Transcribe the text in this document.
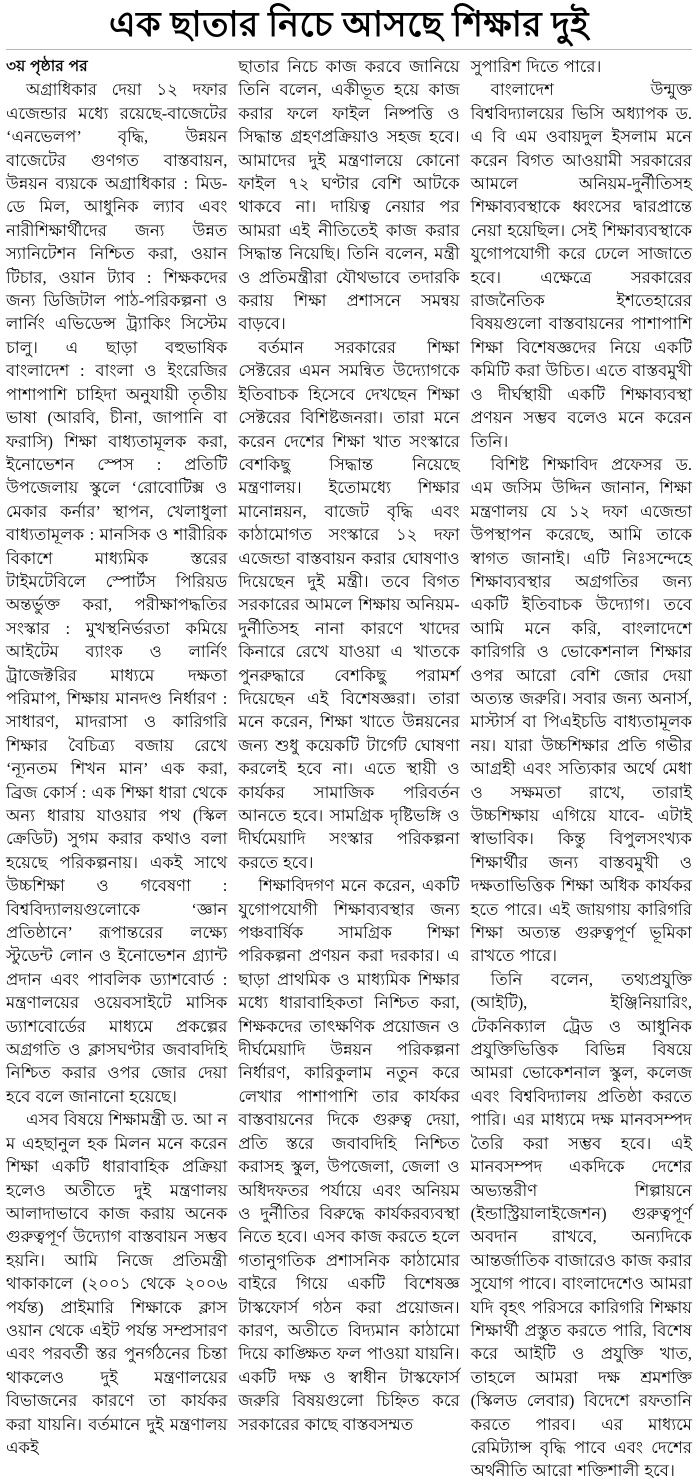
এক ছাতার নিচে আসছে শিক্ষার দুই

৩য় পৃষ্ঠার পর

অগ্রাধিকার দেয়া ১২ দফার এজেন্ডার মধ্যে রয়েছে-বাজেটের ‘এনভেলপ’ বৃদ্ধি, উন্নয়ন বাজেটের গুণগত বাস্তবায়ন, উন্নয়ন ব্যয়কে অগ্রাধিকার : মিড-ডে মিল, আধুনিক ল্যাব এবং নারীশিক্ষার্থীদের জন্য উন্নত স্যানিটেশন নিশ্চিত করা, ওয়ান টিচার, ওয়ান ট্যাব : শিক্ষকদের জন্য ডিজিটাল পাঠ-পরিকল্পনা ও লার্নিং এভিডেন্স ট্র্যাকিং সিস্টেম চালু। এ ছাড়া বহুভাষিক বাংলাদেশ : বাংলা ও ইংরেজির পাশাপাশি চাহিদা অনুযায়ী তৃতীয় ভাষা (আরবি, চীনা, জাপানি বা ফরাসি) শিক্ষা বাধ্যতামূলক করা, ইনোভেশন স্পেস : প্রতিটি উপজেলায় স্কুলে ‘রোবোটিক্স ও মেকার কর্নার’ স্থাপন, খেলাধুলা বাধ্যতামূলক : মানসিক ও শারীরিক বিকাশে মাধ্যমিক স্তরের টাইমটেবিলে স্পোর্টস পিরিয়ড অন্তর্ভুক্ত করা, পরীক্ষাপদ্ধতির সংস্কার : মুখস্থনির্ভরতা কমিয়ে আইটেম ব্যাংক ও লার্নিং ট্রাজেক্টরির মাধ্যমে দক্ষতা পরিমাপ, শিক্ষায় মানদণ্ড নির্ধারণ : সাধারণ, মাদরাসা ও কারিগরি শিক্ষার বৈচিত্র্য বজায় রেখে ‘ন্যূনতম শিখন মান’ এক করা, ব্রিজ কোর্স : এক শিক্ষা ধারা থেকে অন্য ধারায় যাওয়ার পথ (স্কিল ক্রেডিট) সুগম করার কথাও বলা হয়েছে পরিকল্পনায়। একই সাথে উচ্চশিক্ষা ও গবেষণা : বিশ্ববিদ্যালয়গুলোকে ‘জ্ঞান প্রতিষ্ঠানে’ রূপান্তরের লক্ষ্যে স্টুডেন্ট লোন ও ইনোভেশন গ্র্যান্ট প্রদান এবং পাবলিক ড্যাশবোর্ড : মন্ত্রণালয়ের ওয়েবসাইটে মাসিক ড্যাশবোর্ডের মাধ্যমে প্রকল্পের অগ্রগতি ও ক্লাসঘণ্টার জবাবদিহি নিশ্চিত করার ওপর জোর দেয়া হবে বলে জানানো হয়েছে।

এসব বিষয়ে শিক্ষামন্ত্রী ড. আ ন ম এহছানুল হক মিলন মনে করেন শিক্ষা একটি ধারাবাহিক প্রক্রিয়া হলেও অতীতে দুই মন্ত্রণালয় আলাদাভাবে কাজ করায় অনেক গুরুত্বপূর্ণ উদ্যোগ বাস্তবায়ন সম্ভব হয়নি। আমি নিজে প্রতিমন্ত্রী থাকাকালে (২০০১ থেকে ২০০৬ পর্যন্ত) প্রাইমারি শিক্ষাকে ক্লাস ওয়ান থেকে এইট পর্যন্ত সম্প্রসারণ এবং পরবর্তী স্তর পুনর্গঠনের চিন্তা থাকলেও দুই মন্ত্রণালয়ের বিভাজনের কারণে তা কার্যকর করা যায়নি। বর্তমানে দুই মন্ত্রণালয় একই

ছাতার নিচে কাজ করবে জানিয়ে তিনি বলেন, একীভূত হয়ে কাজ করার ফলে ফাইল নিষ্পত্তি ও সিদ্ধান্ত গ্রহণপ্রক্রিয়াও সহজ হবে। আমাদের দুই মন্ত্রণালয়ে কোনো ফাইল ৭২ ঘণ্টার বেশি আটকে থাকবে না। দায়িত্ব নেয়ার পর আমরা এই নীতিতেই কাজ করার সিদ্ধান্ত নিয়েছি। তিনি বলেন, মন্ত্রী ও প্রতিমন্ত্রীরা যৌথভাবে তদারকি করায় শিক্ষা প্রশাসনে সমন্বয় বাড়বে।

বর্তমান সরকারের শিক্ষা সেক্টরের এমন সমন্বিত উদ্যোগকে ইতিবাচক হিসেবে দেখছেন শিক্ষা সেক্টরের বিশিষ্টজনরা। তারা মনে করেন দেশের শিক্ষা খাত সংস্কারে বেশকিছু সিদ্ধান্ত নিয়েছে মন্ত্রণালয়। ইতোমধ্যে শিক্ষার মানোন্নয়ন, বাজেট বৃদ্ধি এবং কাঠামোগত সংস্কারে ১২ দফা এজেন্ডা বাস্তবায়ন করার ঘোষণাও দিয়েছেন দুই মন্ত্রী। তবে বিগত সরকারের আমলে শিক্ষায় অনিয়ম-দুর্নীতিসহ নানা কারণে খাদের কিনারে রেখে যাওয়া এ খাতকে পুনরুদ্ধারে বেশকিছু পরামর্শ দিয়েছেন এই বিশেষজ্ঞরা। তারা মনে করেন, শিক্ষা খাতে উন্নয়নের জন্য শুধু কয়েকটি টার্গেট ঘোষণা করলেই হবে না। এতে স্থায়ী ও কার্যকর সামাজিক পরিবর্তন আনতে হবে। সামগ্রিক দৃষ্টিভঙ্গি ও দীর্ঘমেয়াদি সংস্কার পরিকল্পনা করতে হবে।

শিক্ষাবিদগণ মনে করেন, একটি যুগোপযোগী শিক্ষাব্যবস্থার জন্য পঞ্চবার্ষিক সামগ্রিক শিক্ষা পরিকল্পনা প্রণয়ন করা দরকার। এ ছাড়া প্রাথমিক ও মাধ্যমিক শিক্ষার মধ্যে ধারাবাহিকতা নিশ্চিত করা, শিক্ষকদের তাৎক্ষণিক প্রয়োজন ও দীর্ঘমেয়াদি উন্নয়ন পরিকল্পনা নির্ধারণ, কারিকুলাম নতুন করে লেখার পাশাপাশি তার কার্যকর বাস্তবায়নের দিকে গুরুত্ব দেয়া, প্রতি স্তরে জবাবদিহি নিশ্চিত করাসহ স্কুল, উপজেলা, জেলা ও অধিদফতর পর্যায়ে এবং অনিয়ম ও দুর্নীতির বিরুদ্ধে কার্যকরব্যবস্থা নিতে হবে। এসব কাজ করতে হলে গতানুগতিক প্রশাসনিক কাঠামোর বাইরে গিয়ে একটি বিশেষজ্ঞ টাস্কফোর্স গঠন করা প্রয়োজন। কারণ, অতীতে বিদ্যমান কাঠামো দিয়ে কাঙ্ক্ষিত ফল পাওয়া যায়নি। একটি দক্ষ ও স্বাধীন টাস্কফোর্স জরুরি বিষয়গুলো চিহ্নিত করে সরকারের কাছে বাস্তবসম্মত

সুপারিশ দিতে পারে।

বাংলাদেশ উন্মুক্ত বিশ্ববিদ্যালয়ের ভিসি অধ্যাপক ড. এ বি এম ওবায়দুল ইসলাম মনে করেন বিগত আওয়ামী সরকারের আমলে অনিয়ম-দুর্নীতিসহ শিক্ষাব্যবস্থাকে ধ্বংসের দ্বারপ্রান্তে নেয়া হয়েছিল। সেই শিক্ষাব্যবস্থাকে যুগোপযোগী করে ঢেলে সাজাতে হবে। এক্ষেত্রে সরকারের রাজনৈতিক ইশতেহারের বিষয়গুলো বাস্তবায়নের পাশাপাশি শিক্ষা বিশেষজ্ঞদের নিয়ে একটি কমিটি করা উচিত। এতে বাস্তবমুখী ও দীর্ঘস্থায়ী একটি শিক্ষাব্যবস্থা প্রণয়ন সম্ভব বলেও মনে করেন তিনি।

বিশিষ্ট শিক্ষাবিদ প্রফেসর ড. এম জসিম উদ্দিন জানান, শিক্ষা মন্ত্রণালয় যে ১২ দফা এজেন্ডা উপস্থাপন করেছে, আমি তাকে স্বাগত জানাই। এটি নিঃসন্দেহে শিক্ষাব্যবস্থার অগ্রগতির জন্য একটি ইতিবাচক উদ্যোগ। তবে আমি মনে করি, বাংলাদেশে কারিগরি ও ভোকেশনাল শিক্ষার ওপর আরো বেশি জোর দেয়া অত্যন্ত জরুরি। সবার জন্য অনার্স, মাস্টার্স বা পিএইচডি বাধ্যতামূলক নয়। যারা উচ্চশিক্ষার প্রতি গভীর আগ্রহী এবং সত্যিকার অর্থে মেধা ও সক্ষমতা রাখে, তারাই উচ্চশিক্ষায় এগিয়ে যাবে- এটাই স্বাভাবিক। কিন্তু বিপুলসংখ্যক শিক্ষার্থীর জন্য বাস্তবমুখী ও দক্ষতাভিত্তিক শিক্ষা অধিক কার্যকর হতে পারে। এই জায়গায় কারিগরি শিক্ষা অত্যন্ত গুরুত্বপূর্ণ ভূমিকা রাখতে পারে।

তিনি বলেন, তথ্যপ্রযুক্তি (আইটি), ইঞ্জিনিয়ারিং, টেকনিক্যাল ট্রেড ও আধুনিক প্রযুক্তিভিত্তিক বিভিন্ন বিষয়ে আমরা ভোকেশনাল স্কুল, কলেজ এবং বিশ্ববিদ্যালয় প্রতিষ্ঠা করতে পারি। এর মাধ্যমে দক্ষ মানবসম্পদ তৈরি করা সম্ভব হবে। এই মানবসম্পদ একদিকে দেশের অভ্যন্তরীণ শিল্পায়নে (ইন্ডাস্ট্রিয়ালাইজেশন) গুরুত্বপূর্ণ অবদান রাখবে, অন্যদিকে আন্তর্জাতিক বাজারেও কাজ করার সুযোগ পাবে। বাংলাদেশেও আমরা যদি বৃহৎ পরিসরে কারিগরি শিক্ষায় শিক্ষার্থী প্রস্তুত করতে পারি, বিশেষ করে আইটি ও প্রযুক্তি খাত, তাহলে আমরা দক্ষ শ্রমশক্তি (স্কিলড লেবার) বিদেশে রফতানি করতে পারব। এর মাধ্যমে রেমিট্যান্স বৃদ্ধি পাবে এবং দেশের অর্থনীতি আরো শক্তিশালী হবে।
